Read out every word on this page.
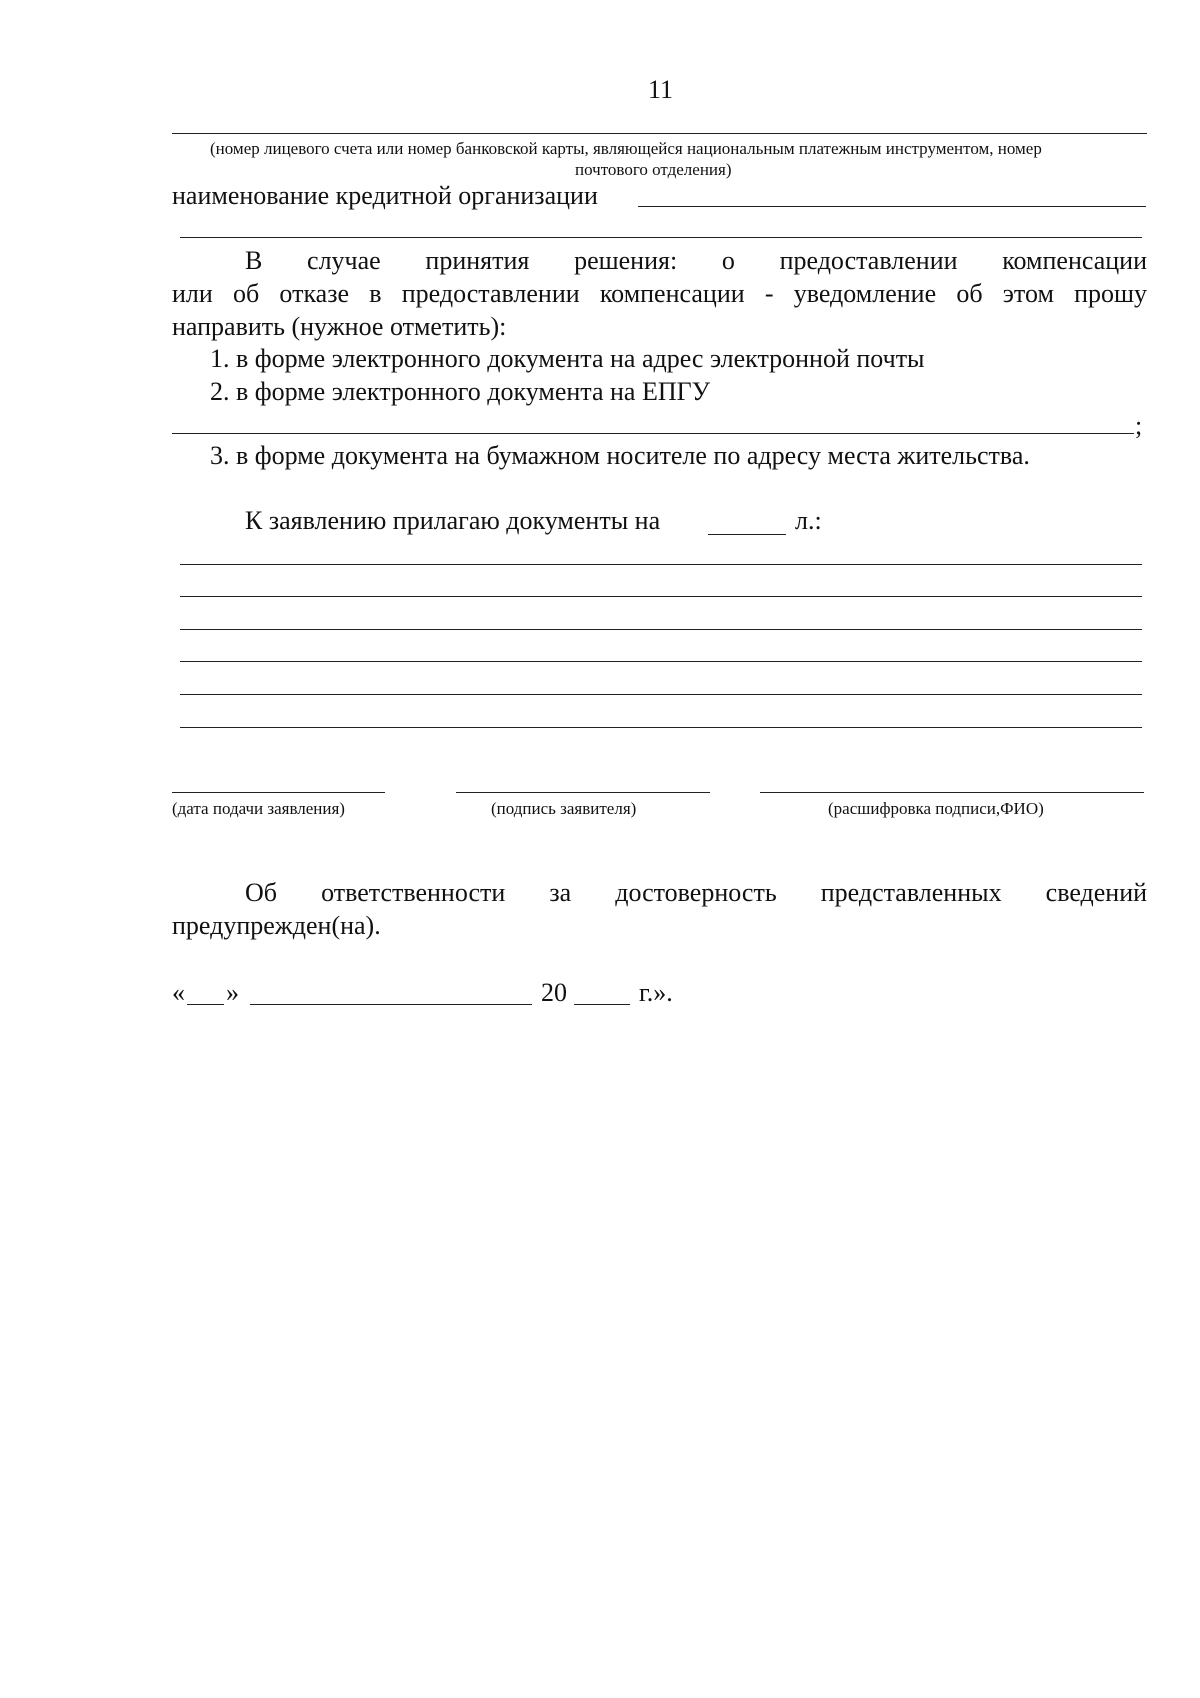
11
(номер лицевого счета или номер банковской карты, являющейся национальным платежным инструментом, номер
почтового отделения)
наименование кредитной организации
В случае принятия решения: о предоставлении компенсации
или об отказе в предоставлении компенсации - уведомление об этом прошу
направить (нужное отметить):
1. в форме электронного документа на адрес электронной почты
2. в форме электронного документа на ЕПГУ
;
3. в форме документа на бумажном носителе по адресу места жительства.
К заявлению прилагаю документы на	л.:
(дата подачи заявления)	(подпись заявителя)	(расшифровка подписи,ФИО)
Об ответственности за достоверность представленных сведений
предупрежден(на).
« »	20	г.».
